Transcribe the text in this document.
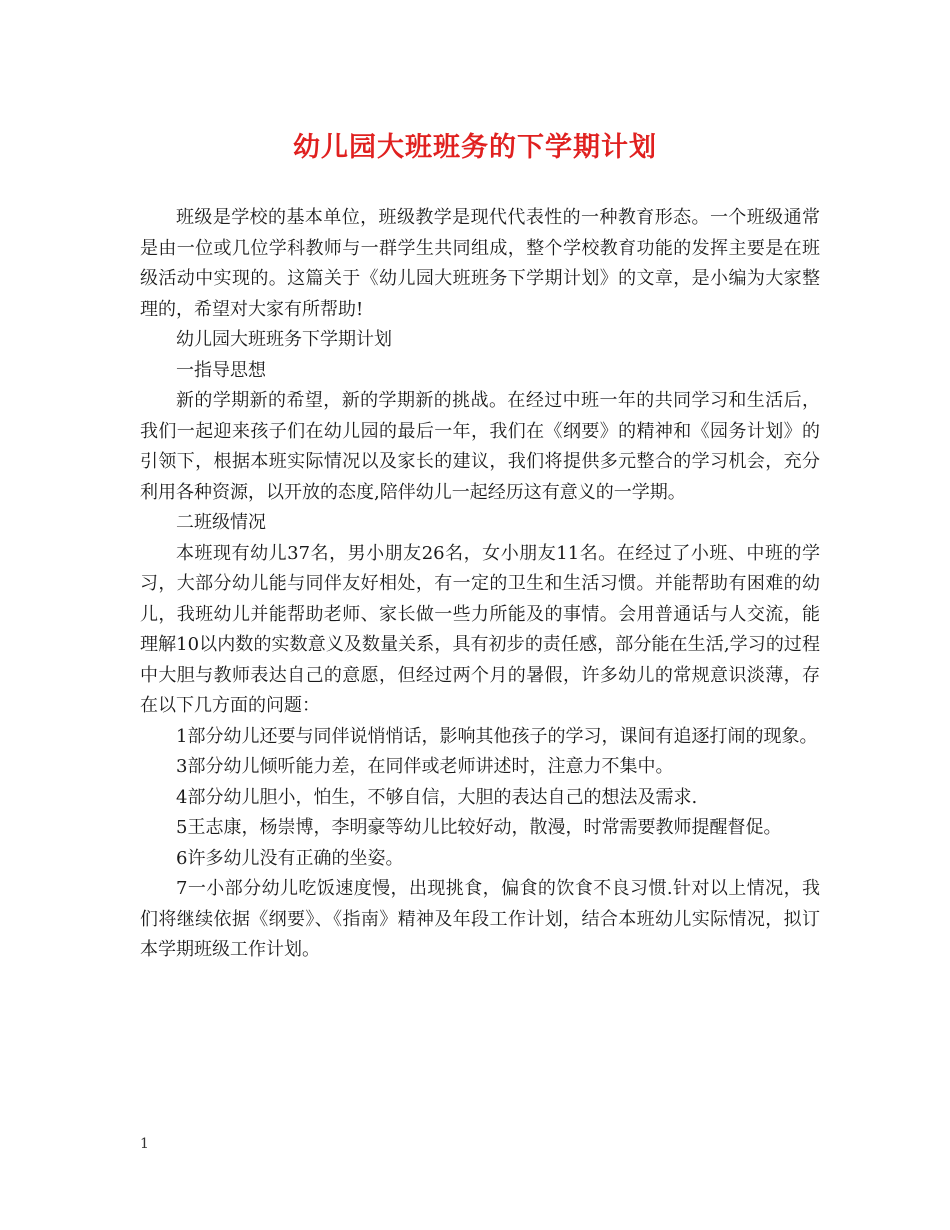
幼儿园大班班务的下学期计划

班级是学校的基本单位，班级教学是现代代表性的一种教育形态。一个班级通常是由一位或几位学科教师与一群学生共同组成，整个学校教育功能的发挥主要是在班级活动中实现的。这篇关于《幼儿园大班班务下学期计划》的文章，是小编为大家整理的，希望对大家有所帮助!

幼儿园大班班务下学期计划

一指导思想

新的学期新的希望，新的学期新的挑战。在经过中班一年的共同学习和生活后，我们一起迎来孩子们在幼儿园的最后一年，我们在《纲要》的精神和《园务计划》的引领下，根据本班实际情况以及家长的建议，我们将提供多元整合的学习机会，充分利用各种资源，以开放的态度,陪伴幼儿一起经历这有意义的一学期。

二班级情况

本班现有幼儿37名，男小朋友26名，女小朋友11名。在经过了小班、中班的学习，大部分幼儿能与同伴友好相处，有一定的卫生和生活习惯。并能帮助有困难的幼儿，我班幼儿并能帮助老师、家长做一些力所能及的事情。会用普通话与人交流，能理解10以内数的实数意义及数量关系，具有初步的责任感，部分能在生活,学习的过程中大胆与教师表达自己的意愿，但经过两个月的暑假，许多幼儿的常规意识淡薄，存在以下几方面的问题：

1部分幼儿还要与同伴说悄悄话，影响其他孩子的学习，课间有追逐打闹的现象。

3部分幼儿倾听能力差，在同伴或老师讲述时，注意力不集中。

4部分幼儿胆小，怕生，不够自信，大胆的表达自己的想法及需求.

5王志康，杨崇博，李明豪等幼儿比较好动，散漫，时常需要教师提醒督促。

6许多幼儿没有正确的坐姿。

7一小部分幼儿吃饭速度慢，出现挑食，偏食的饮食不良习惯.针对以上情况，我们将继续依据《纲要》、《指南》精神及年段工作计划，结合本班幼儿实际情况，拟订本学期班级工作计划。

1
